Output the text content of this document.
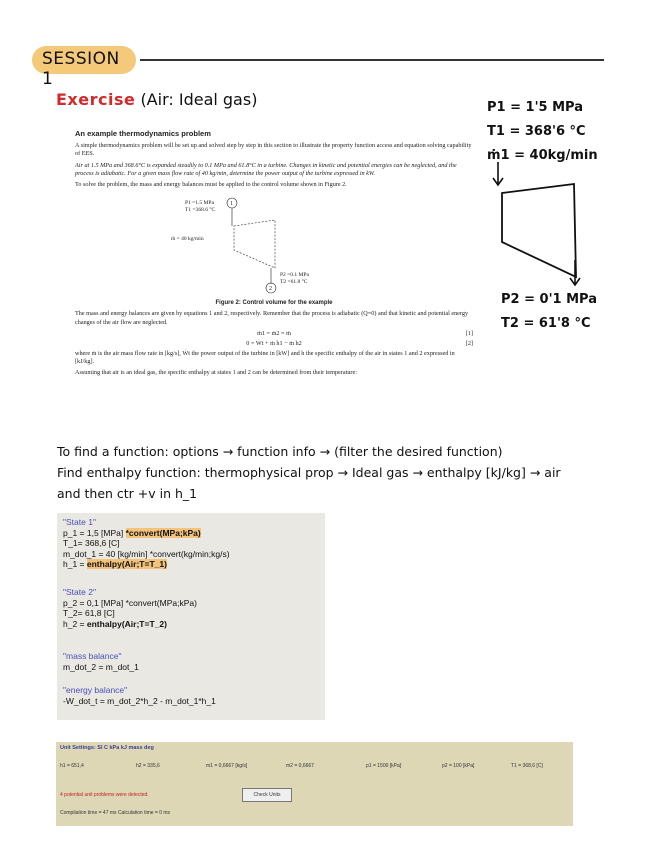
SESSION 1
Exercise (Air: Ideal gas)	P1 = 1'5 MPa
T1 = 368'6 °C
ṁ1 = 40kg/min
P2 = 0'1 MPa
T2 = 61'8 °C
An example thermodynamics problem

A simple thermodynamics problem will be set up and solved step by step in this section to illustrate the property function access and equation solving capability of EES.

Air at 1.5 MPa and 368.6°C is expanded steadily to 0.1 MPa and 61.8°C in a turbine. Changes in kinetic and potential energies can be neglected, and the process is adiabatic. For a given mass flow rate of 40 kg/min, determine the power output of the turbine expressed in kW.

To solve the problem, the mass and energy balances must be applied to the control volume shown in Figure 2.

P1 =1.5 MPa
T1 =368.6 °C
ṁ = 40 kg/min
1
2
P2 =0.1 MPa
T2 =61.8 °C
Figure 2: Control volume for the example

The mass and energy balances are given by equations 1 and 2, respectively. Remember that the process is adiabatic (Q=0) and that kinetic and potential energy changes of the air flow are neglected.

ṁ1 = ṁ2 = ṁ	[1]
0 = Ẇt + ṁ h1 − ṁ h2	[2]

where ṁ is the air mass flow rate in [kg/s], Ẇt the power output of the turbine in [kW] and h the specific enthalpy of the air in states 1 and 2 expressed in [kJ/kg].

Assuming that air is an ideal gas, the specific enthalpy at states 1 and 2 can be determined from their temperature:

To find a function: options → function info → (filter the desired function)
Find enthalpy function: thermophysical prop → Ideal gas → enthalpy [kJ/kg] → air
and then ctr +v in h_1
"State 1"
p_1 = 1,5 [MPa] *convert(MPa;kPa)
T_1= 368,6 [C]
m_dot_1 = 40 [kg/min] *convert(kg/min;kg/s)
h_1 = enthalpy(Air;T=T_1)
"State 2"
p_2 = 0,1 [MPa] *convert(MPa;kPa)
T_2= 61,8 [C]
h_2 = enthalpy(Air;T=T_2)
"mass balance"
m_dot_2 = m_dot_1
"energy balance"
-W_dot_t = m_dot_2*h_2 - m_dot_1*h_1
Unit Settings: SI C kPa kJ mass deg
h1 = 651,4	h2 = 335,6	m1 = 0,6667 [kg/s]	m2 = 0,6667	p1 = 1500 [kPa]	p2 = 100 [kPa]	T1 = 368,6 [C]
4 potential unit problems were detected.	Check Units
Compilation time = 47 ms Calculation time = 0 ms
